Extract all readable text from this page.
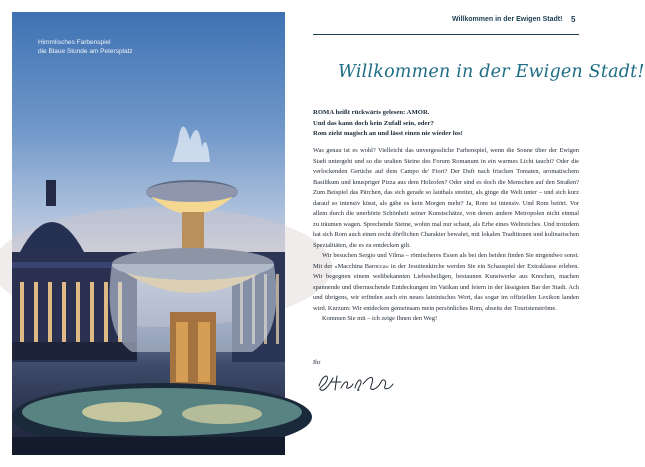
Himmlisches Farbenspiel
die Blaue Stunde am Petersplatz

Willkommen in der Ewigen Stadt! 5
Willkommen in der Ewigen Stadt!

ROMA heißt rückwärts gelesen: AMOR.
Und das kann doch kein Zufall sein, oder?
Rom zieht magisch an und lässt einen nie wieder los!

Was genau ist es wohl? Vielleicht das unvergessliche Farbenspiel, wenn die Sonne über der Ewigen Stadt untergeht und so die uralten Steine des Forum Romanum in ein warmes Licht taucht? Oder die verlockenden Gerüche auf dem Campo de' Fiori? Der Duft nach frischen Tomaten, aromatischem Basilikum und knuspriger Pizza aus dem Holzofen? Oder sind es doch die Menschen auf den Straßen? Zum Beispiel das Pärchen, das sich gerade so lauthals streitet, als ginge die Welt unter – und sich kurz darauf so intensiv küsst, als gäbe es kein Morgen mehr? Ja, Rom ist intensiv. Und Rom betört. Vor allem durch die unerhörte Schönheit seiner Kunstschätze, von denen andere Metropolen nicht einmal zu träumen wagen. Sprechende Steine, wohin mal nur schaut, als Erbe eines Weltreiches. Und trotzdem hat sich Rom auch einen recht dörflichen Charakter bewahrt, mit lokalen Traditionen und kulinarischen Spezialitäten, die es zu entdecken gilt.

Wir besuchen Sergio und Vilma – römischeres Essen als bei den beiden finden Sie nirgendwo sonst. Mit der »Macchina Barocca« in der Jesuitenkirche werden Sie ein Schauspiel der Extraklasse erleben. Wir begegnen einem weltbekannten Liebesheiligen, bestaunen Kunstwerke aus Knochen, machen spannende und überraschende Entdeckungen im Vatikan und feiern in der lässigsten Bar der Stadt. Ach und übrigens, wir erfinden auch ein neues lateinisches Wort, das sogar im offiziellen Lexikon landen wird. Kurzum: Wir entdecken gemeinsam mein persönliches Rom, abseits der Touristenströme.

Kommen Sie mit – ich zeige Ihnen den Weg!

Ihr
